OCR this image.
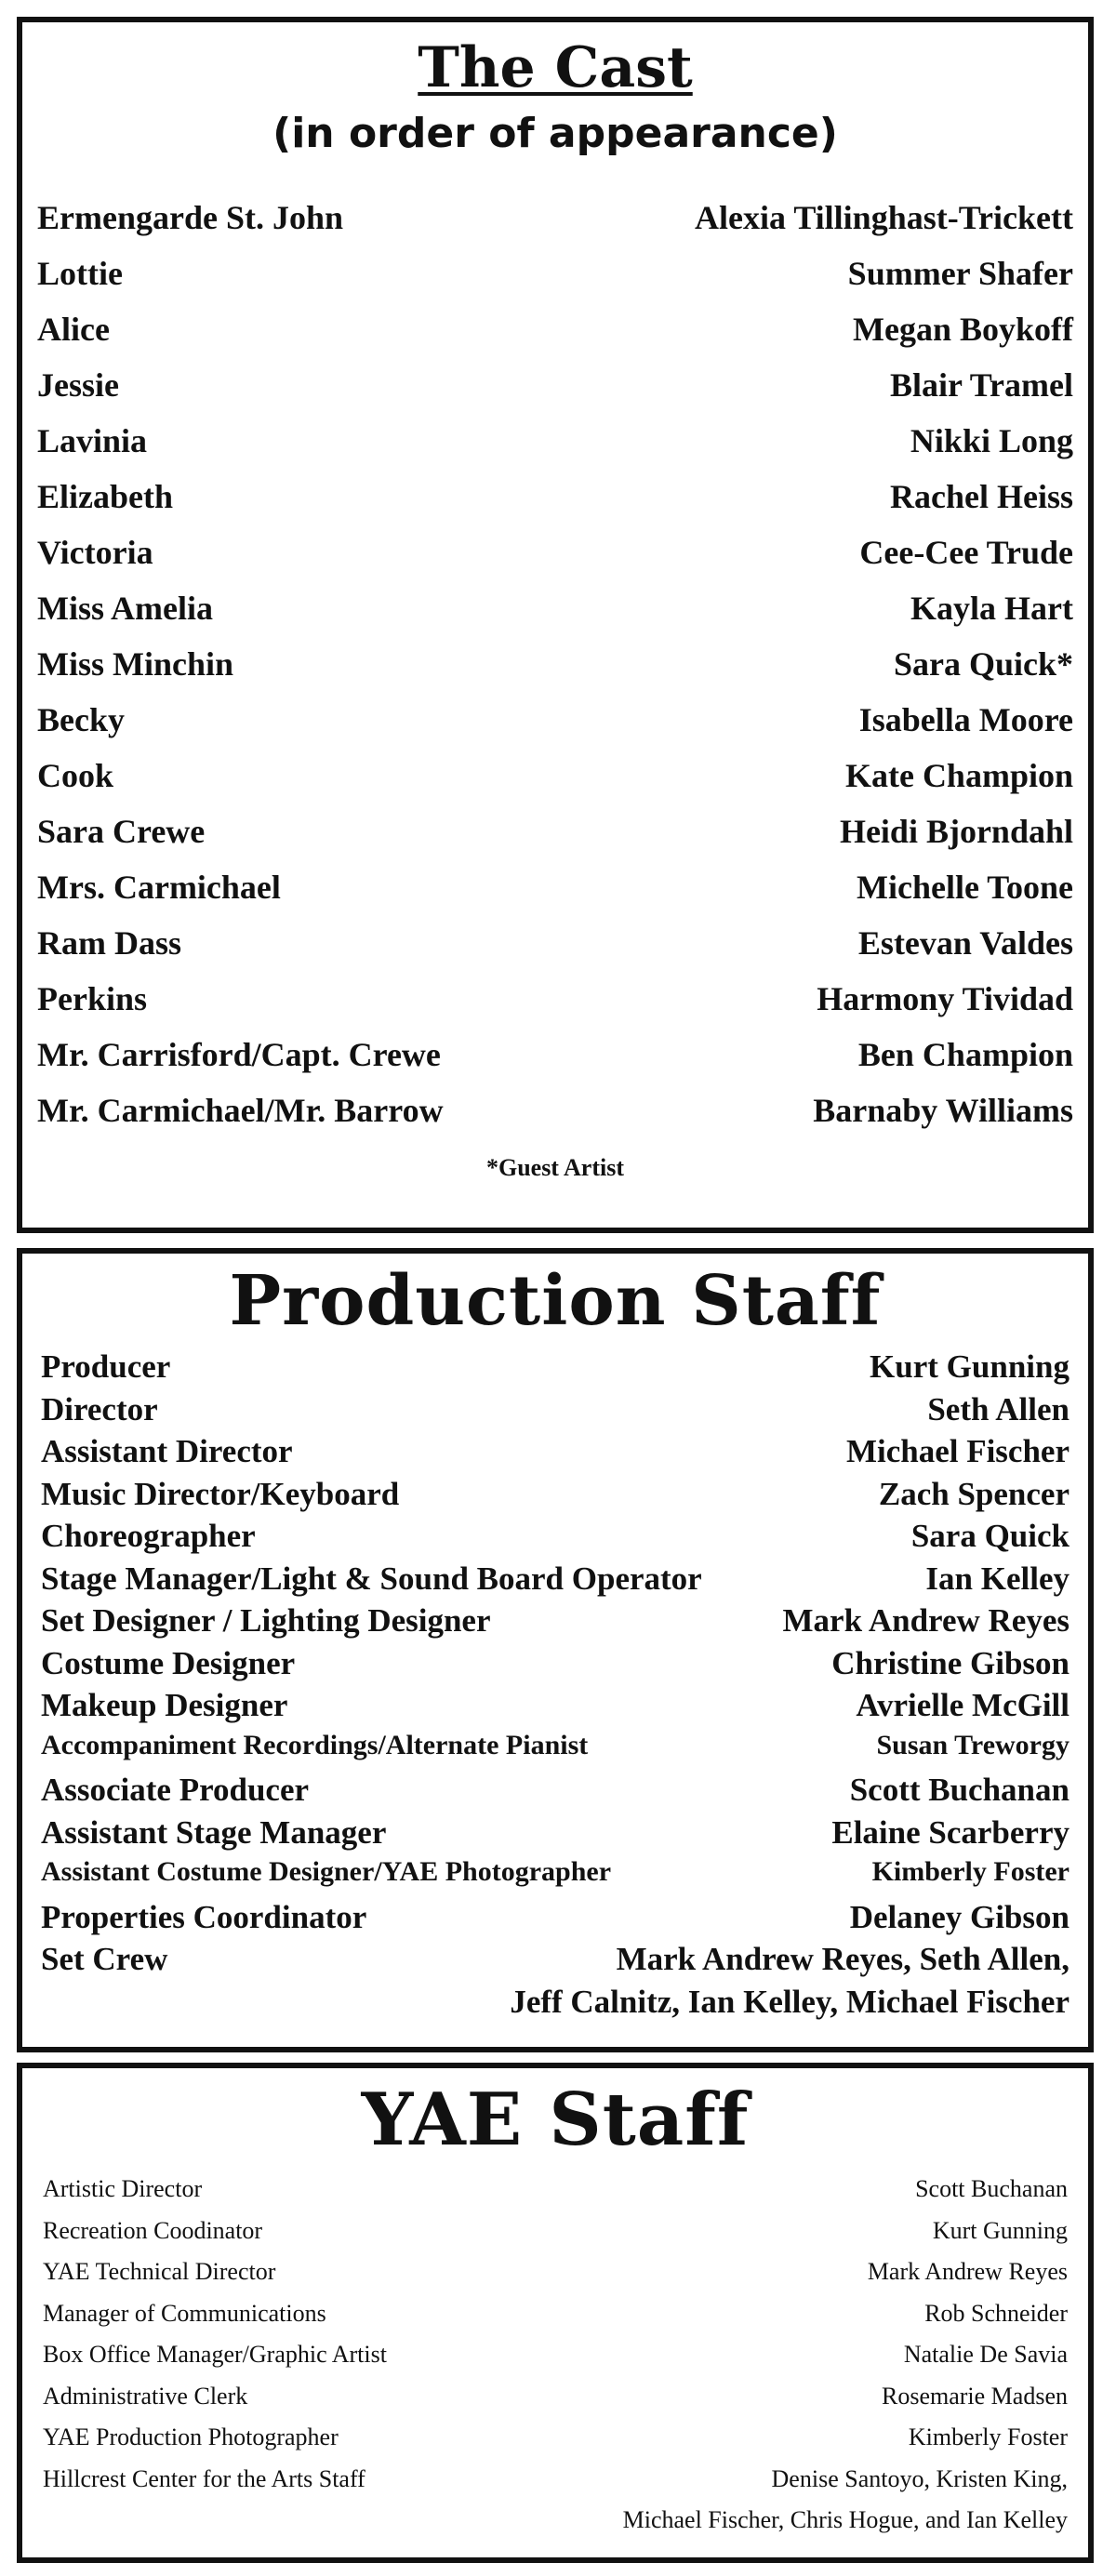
The Cast
(in order of appearance)
Ermengarde St. John	Alexia Tillinghast-Trickett
Lottie	Summer Shafer
Alice	Megan Boykoff
Jessie	Blair Tramel
Lavinia	Nikki Long
Elizabeth	Rachel Heiss
Victoria	Cee-Cee Trude
Miss Amelia	Kayla Hart
Miss Minchin	Sara Quick*
Becky	Isabella Moore
Cook	Kate Champion
Sara Crewe	Heidi Bjorndahl
Mrs. Carmichael	Michelle Toone
Ram Dass	Estevan Valdes
Perkins	Harmony Tividad
Mr. Carrisford/Capt. Crewe	Ben Champion
Mr. Carmichael/Mr. Barrow	Barnaby Williams
*Guest Artist
Production Staff
Producer	Kurt Gunning
Director	Seth Allen
Assistant Director	Michael Fischer
Music Director/Keyboard	Zach Spencer
Choreographer	Sara Quick
Stage Manager/Light & Sound Board Operator	Ian Kelley
Set Designer / Lighting Designer	Mark Andrew Reyes
Costume Designer	Christine Gibson
Makeup Designer	Avrielle McGill
Accompaniment Recordings/Alternate Pianist	Susan Treworgy
Associate Producer	Scott Buchanan
Assistant Stage Manager	Elaine Scarberry
Assistant Costume Designer/YAE Photographer	Kimberly Foster
Properties Coordinator	Delaney Gibson
Set Crew	Mark Andrew Reyes, Seth Allen,
Jeff Calnitz, Ian Kelley, Michael Fischer
YAE Staff
Artistic Director	Scott Buchanan
Recreation Coodinator	Kurt Gunning
YAE Technical Director	Mark Andrew Reyes
Manager of Communications	Rob Schneider
Box Office Manager/Graphic Artist	Natalie De Savia
Administrative Clerk	Rosemarie Madsen
YAE Production Photographer	Kimberly Foster
Hillcrest Center for the Arts Staff	Denise Santoyo, Kristen King,
Michael Fischer, Chris Hogue, and Ian Kelley
